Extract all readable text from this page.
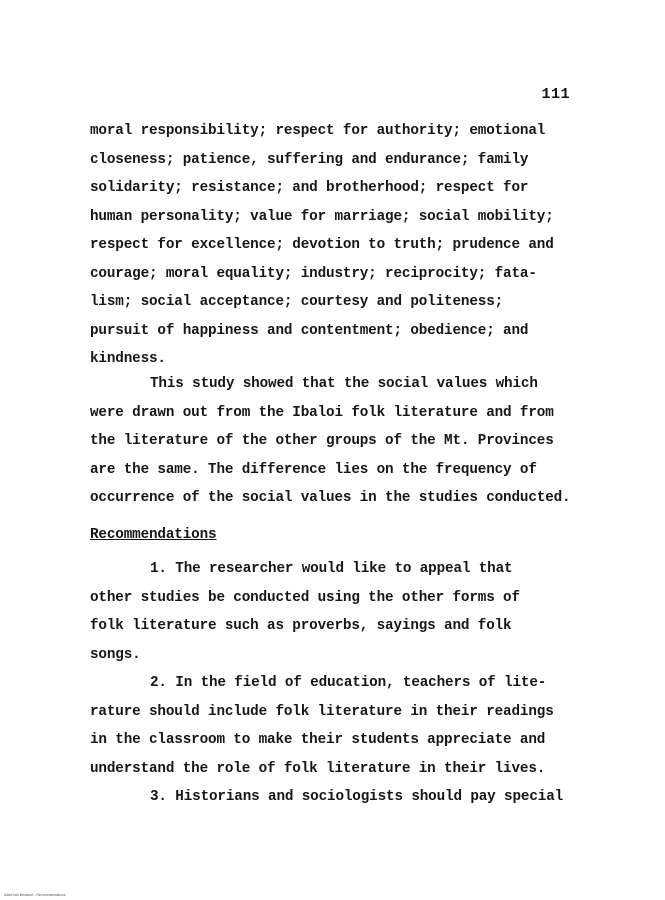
111
moral responsibility; respect for authority; emotional
closeness; patience, suffering and endurance; family
solidarity; resistance; and brotherhood; respect for
human personality; value for marriage; social mobility;
respect for excellence; devotion to truth; prudence and
courage; moral equality; industry; reciprocity; fata-
lism; social acceptance; courtesy and politeness;
pursuit of happiness and contentment; obedience; and
kindness.
This study showed that the social values which
were drawn out from the Ibaloi folk literature and from
the literature of the other groups of the Mt. Provinces
are the same. The difference lies on the frequency of
occurrence of the social values in the studies conducted.
Recommendations
1. The researcher would like to appeal that
other studies be conducted using the other forms of
folk literature such as proverbs, sayings and folk
songs.
2. In the field of education, teachers of lite-
rature should include folk literature in their readings
in the classroom to make their students appreciate and
understand the role of folk literature in their lives.
3. Historians and sociologists should pay special
Ibaloi folk literature - Recommendations
